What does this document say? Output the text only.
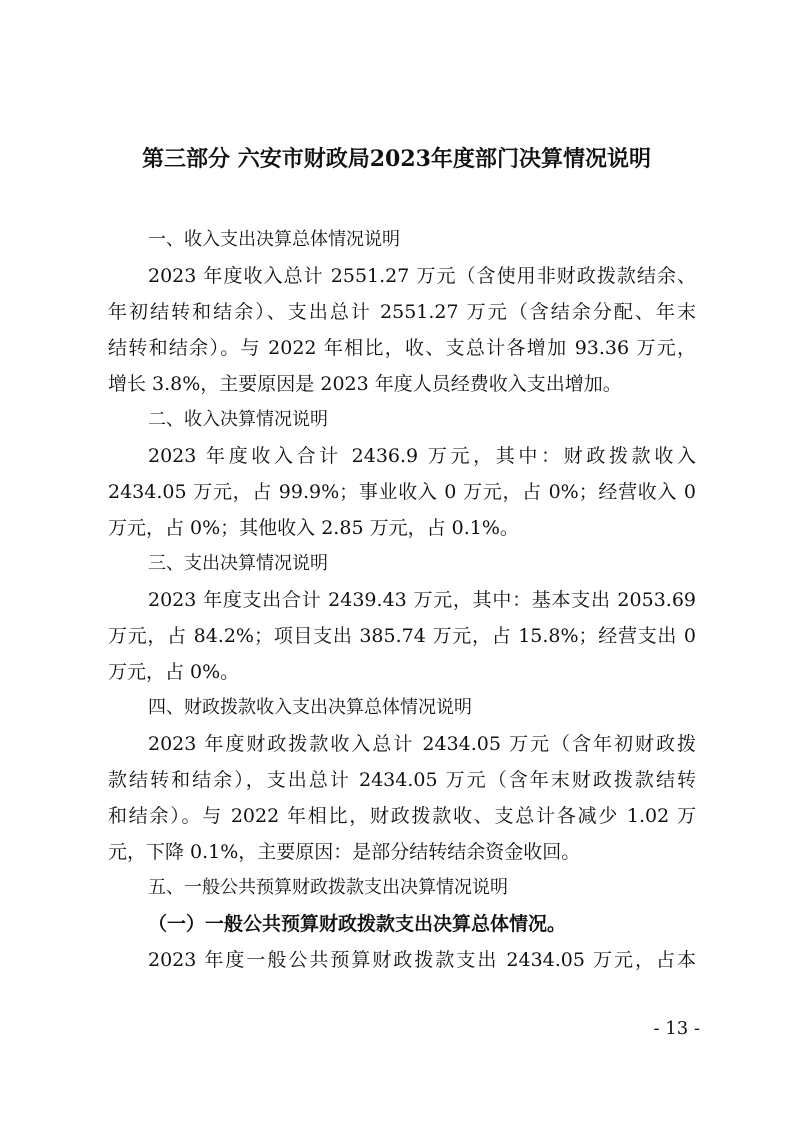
第三部分 六安市财政局2023年度部门决算情况说明
一、收入支出决算总体情况说明
2023 年度收入总计 2551.27 万元（含使用非财政拨款结余、
年初结转和结余）、支出总计 2551.27 万元（含结余分配、年末
结转和结余）。与 2022 年相比，收、支总计各增加 93.36 万元，
增长 3.8%，主要原因是 2023 年度人员经费收入支出增加。
二、收入决算情况说明
2023 年度收入合计 2436.9 万元，其中：财政拨款收入
2434.05 万元，占 99.9%；事业收入 0 万元，占 0%；经营收入 0
万元，占 0%；其他收入 2.85 万元，占 0.1%。
三、支出决算情况说明
2023 年度支出合计 2439.43 万元，其中：基本支出 2053.69
万元，占 84.2%；项目支出 385.74 万元，占 15.8%；经营支出 0
万元，占 0%。
四、财政拨款收入支出决算总体情况说明
2023 年度财政拨款收入总计 2434.05 万元（含年初财政拨
款结转和结余），支出总计 2434.05 万元（含年末财政拨款结转
和结余）。与 2022 年相比，财政拨款收、支总计各减少 1.02 万
元，下降 0.1%，主要原因：是部分结转结余资金收回。
五、一般公共预算财政拨款支出决算情况说明
（一）一般公共预算财政拨款支出决算总体情况。
2023 年度一般公共预算财政拨款支出 2434.05 万元，占本
- 13 -
